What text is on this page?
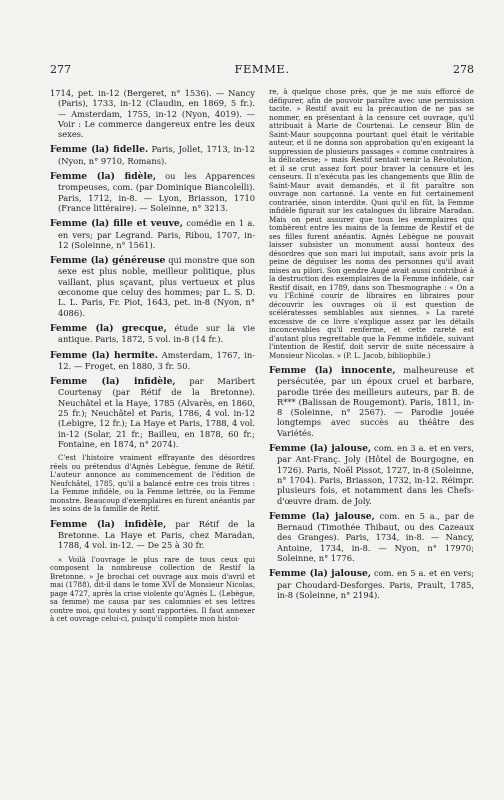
277	FEMME.	278

1714, pet. in-12 (Bergeret, n° 1536). — Nancy (Paris), 1733, in-12 (Claudin, en 1869, 5 fr.). — Amsterdam, 1755, in-12 (Nyon, 4019). — Voir : Le commerce dangereux entre les deux sexes.

Femme (la) fidelle. Paris, Jollet, 1713, in-12 (Nyon, n° 9710, Romans).

Femme (la) fidèle, ou les Apparences trompeuses, com. (par Dominique Biancolelli). Paris, 1712, in-8. — Lyon, Briasson, 1710 (France littéraire). — Soleinne, n° 3213.

Femme (la) fille et veuve, comédie en 1 a. en vers; par Legrand. Paris, Ribou, 1707, in-12 (Soleinne, n° 1561).

Femme (la) généreuse qui monstre que son sexe est plus noble, meilleur politique, plus vaillant, plus sçavant, plus vertueux et plus œconome que celuy des hommes; par L. S. D. L. L. Paris, Fr. Piot, 1643, pet. in-8 (Nyon, n° 4086).

Femme (la) grecque, étude sur la vie antique. Paris, 1872, 5 vol. in-8 (14 fr.).

Femme (la) hermite. Amsterdam, 1767, in-12. — Froget, en 1880, 3 fr. 50.

Femme (la) infidèle, par Maribert Courtenay (par Rétif de la Bretonne). Neuchâtel et la Haye, 1785 (Alvarès, en 1860, 25 fr.); Neuchâtel et Paris, 1786, 4 vol. in-12 (Lebigre, 12 fr.); La Haye et Paris, 1788, 4 vol. in-12 (Solar, 21 fr.; Bailleu, en 1878, 60 fr.; Fontaine, en 1874, n° 2074).

C'est l'histoire vraiment effrayante des désordres réels ou prétendus d'Agnès Lebègue, femme de Rétif. L'auteur annonce au commencement de l'édition de Neufchâtel, 1785, qu'il a balancé entre ces trois titres : La Femme infidèle, ou la Femme lettrée, ou la Femme monstre. Beaucoup d'exemplaires en furent anéantis par les soins de la famille de Rétif.

Femme (la) infidèle, par Rétif de la Bretonne. La Haye et Paris, chez Maradan, 1788, 4 vol. in-12. — De 25 à 30 fr.

« Voilà l'ouvrage le plus rare de tous ceux qui composent la nombreuse collection de Restif la Bretonne. » Je brochai cet ouvrage aux mois d'avril et mai (1788), dit-il dans le tome XVI de Monsieur Nicolas, page 4727, après la crise violente qu'Agnès L. (Lebègue, sa femme) me causa par ses calomnies et ses lettres contre moi, qui toutes y sont rapportées. Il faut annexer à cet ouvrage celui-ci, puisqu'il complète mon histoi-

re, à quelque chose près, que je me suis efforcé de défigurer, afin de pouvoir paraître avec une permission tacite. » Restif avait eu la précaution de ne pas se nommer, en présentant à la censure cet ouvrage, qu'il attribuait à Marie de Courtenai. Le censeur Blin de Saint-Maur soupçonna pourtant quel était le véritable auteur, et il ne donna son approbation qu'en exigeant la suppression de plusieurs passages « comme contraires à la délicatesse; » mais Restif sentait venir la Révolution, et il se crut assez fort pour braver la censure et les censeurs. Il n'exécuta pas les changements que Blin de Saint-Maur avait demandés, et il fit paraître son ouvrage non cartonné. La vente en fut certainement contrariée, sinon interdite. Quoi qu'il en fût, la Femme infidèle figurait sur les catalogues du libraire Maradan. Mais on peut assurer que tous les exemplaires qui tombèrent entre les mains de la femme de Restif et de ses filles furent anéantis. Agnès Lebègue ne pouvait laisser subsister un monument aussi honteux des désordres que son mari lui imputait, sans avoir pris la peine de déguiser les noms des personnes qu'il avait mises au pilori. Son gendre Augé avait aussi contribué à la destruction des exemplaires de la Femme infidèle, car Restif disait, en 1789, dans son Thesmographe : « On a vu l'Échiné courir de libraires en libraires pour découvrir les ouvrages où il est question de scélératesses semblables aux siennes. » La rareté excessive de ce livre s'explique assez par les détails inconcevables qu'il renferme, et cette rareté est d'autant plus regrettable que la Femme infidèle, suivant l'intention de Restif, doit servir de suite nécessaire à Monsieur Nicolas. » (P. L. Jacob, bibliophile.)

Femme (la) innocente, malheureuse et persécutée, par un époux cruel et barbare, parodie tirée des meilleurs auteurs, par B. de R*** (Balissan de Rougemont). Paris, 1811, in-8 (Soleinne, n° 2567). — Parodie jouée longtemps avec succès au théâtre des Variétés.

Femme (la) jalouse, com. en 3 a. et en vers, par Ant-Franç. Joly (Hôtel de Bourgogne, en 1726). Paris, Noël Pissot, 1727, in-8 (Soleinne, n° 1704). Paris, Briasson, 1732, in-12. Réimpr. plusieurs fois, et notamment dans les Chefs-d'œuvre dram. de Joly.

Femme (la) jalouse, com. en 5 a., par de Bernaud (Timothée Thibaut, ou des Cazeaux des Granges). Paris, 1734, in-8. — Nancy, Antoine, 1734, in-8. — Nyon, n° 17970; Soleinne, n° 1776.

Femme (la) jalouse, com. en 5 a. et en vers; par Choudard-Desforges. Paris, Prault, 1785, in-8 (Soleinne, n° 2194).
